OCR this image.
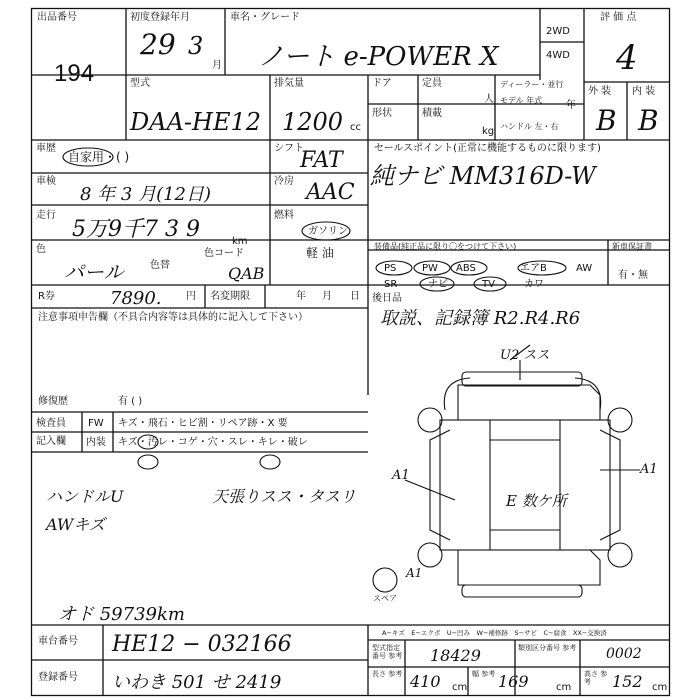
出品番号
194
初度登録年月
29 3
月
車名・グレード
ノート e-POWER X
2WD
4WD
評 価 点
4
型式
DAA-HE12
排気量
1200 cc
ドア	定員
人
ディーラー・並行
モデル 年式	年
形状	積載
kg ハンドル 左・右
外 装 内 装
B B
車歴
自家用・( )
シフト
FAT	セールスポイント(正常に機能するものに限ります)
純ナビ MM316D-W
車検
8 年 3 月(12日)
冷房 AAC
走行
5万9千7 3 9	km
燃料
ガソリン
軽 油
色
パール	色替
色コード
QAB
装備品(純正品に限り〇をつけて下さい)	新車保証書
有・無
PS	PW ABS	エアB	AW
SR	ナビ	TV	カワ
R券	7890. 円 名変期限	年 月 日
注意事項申告欄（不具合内容等は具体的に記入して下さい）
後日品
取説、記録簿 R2.R4.R6
修復歴	有 ( )
検査員
記入欄
FW キズ・飛石・ヒビ割・リペア跡・X 要
内装 キズ・汚レ・コゲ・穴・スレ・キレ・破レ
ハンドルU
AWキズ
天張りスス・タスリ
オド 59739km
U2 スス
A1	A1
E 数ケ所
A1
スペア
A−キズ　E−エクボ　U−凹み　W−補修跡　S−サビ　C−腐食　XX−交換済
車台番号 HE12 − 032166
登録番号 いわき 501 せ 2419
型式指定番号 参考 18429	類別区分番号 参考 0002
長さ 参考 410 cm
幅 参考 169	cm
高さ 参考	152 cm
